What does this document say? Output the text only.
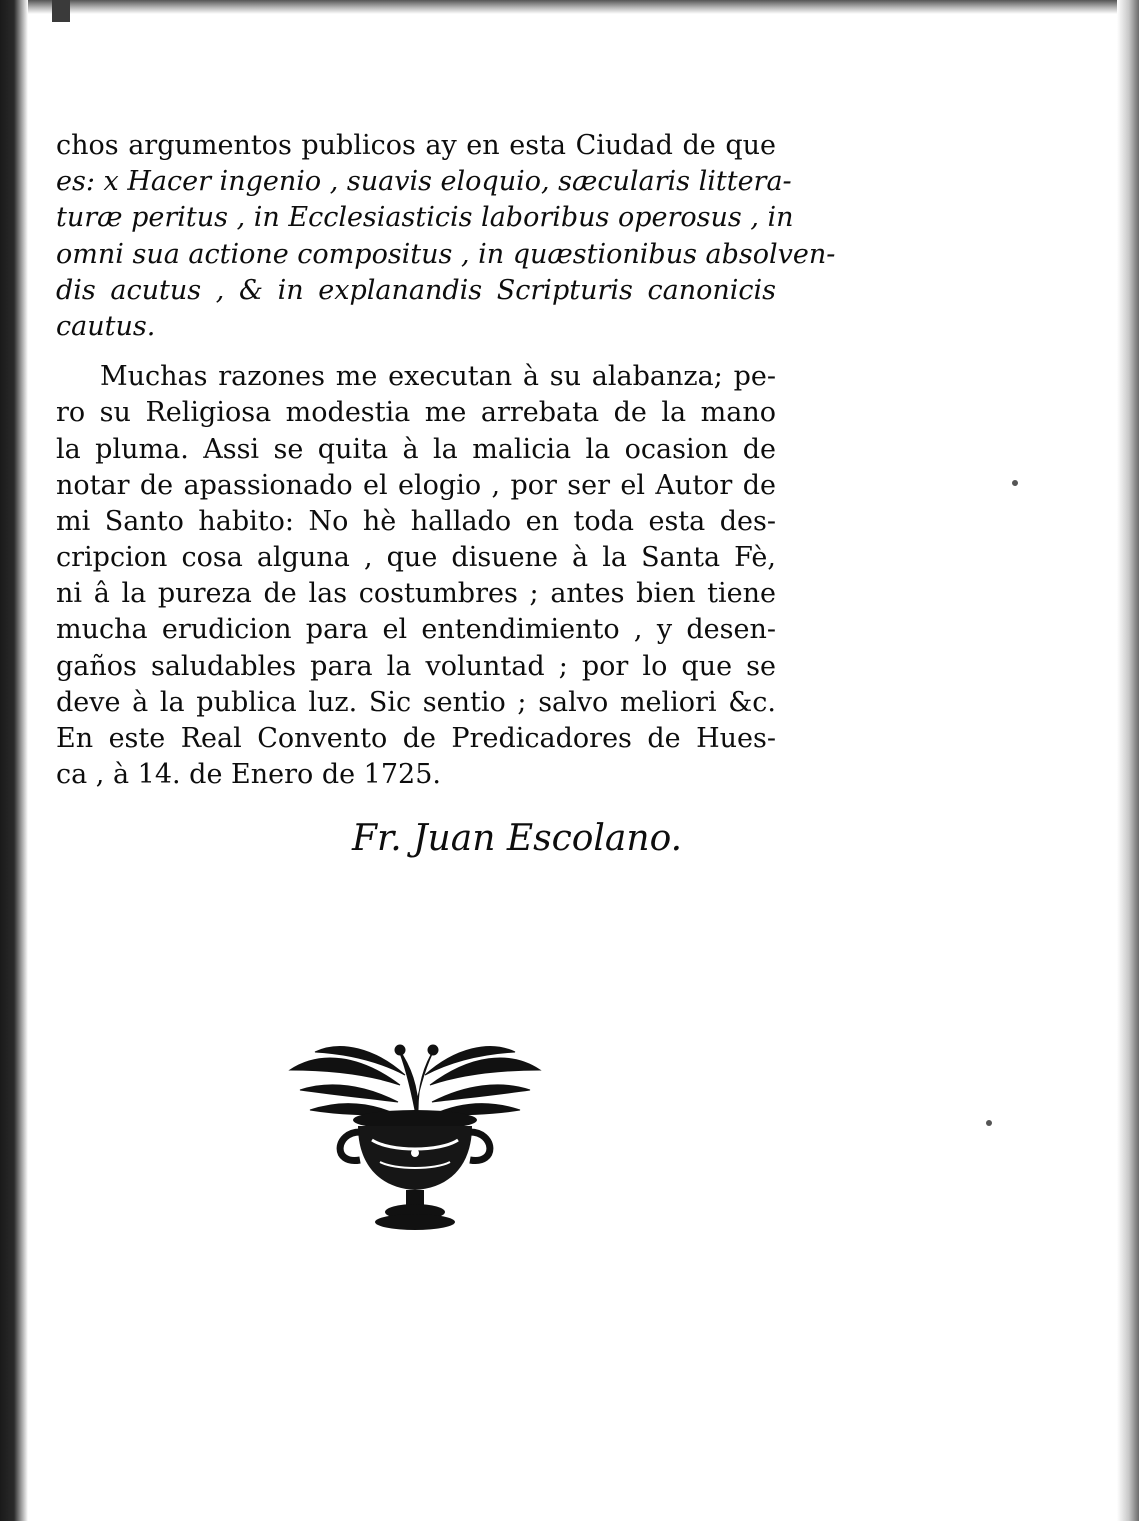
chos argumentos publicos ay en esta Ciudad de que
es: x Hacer ingenio , suavis eloquio, sæcularis littera-
turæ peritus , in Ecclesiasticis laboribus operosus , in
omni sua actione compositus , in quæstionibus absolven-
dis acutus , & in explanandis Scripturis canonicis
cautus.
Muchas razones me executan à su alabanza; pe-
ro su Religiosa modestia me arrebata de la mano
la pluma. Assi se quita à la malicia la ocasion de
notar de apassionado el elogio , por ser el Autor de
mi Santo habito: No hè hallado en toda esta des-
cripcion cosa alguna , que disuene à la Santa Fè,
ni â la pureza de las costumbres ; antes bien tiene
mucha erudicion para el entendimiento , y desen-
gaños saludables para la voluntad ; por lo que se
deve à la publica luz. Sic sentio ; salvo meliori &c.
En este Real Convento de Predicadores de Hues-
ca , à 14. de Enero de 1725.
Fr. Juan Escolano.
